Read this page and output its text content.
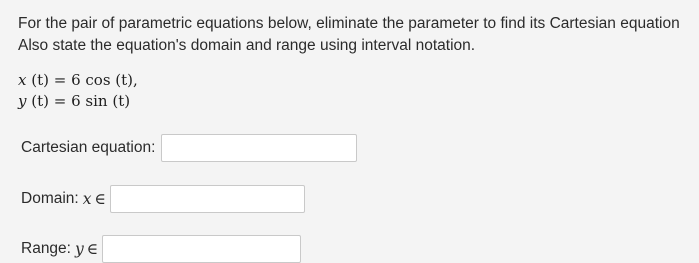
For the pair of parametric equations below, eliminate the parameter to find its Cartesian equation
Also state the equation's domain and range using interval notation.
x (t) = 6 cos (t),
y (t) = 6 sin (t)
Cartesian equation:
Domain: x ∈
Range: y ∈
